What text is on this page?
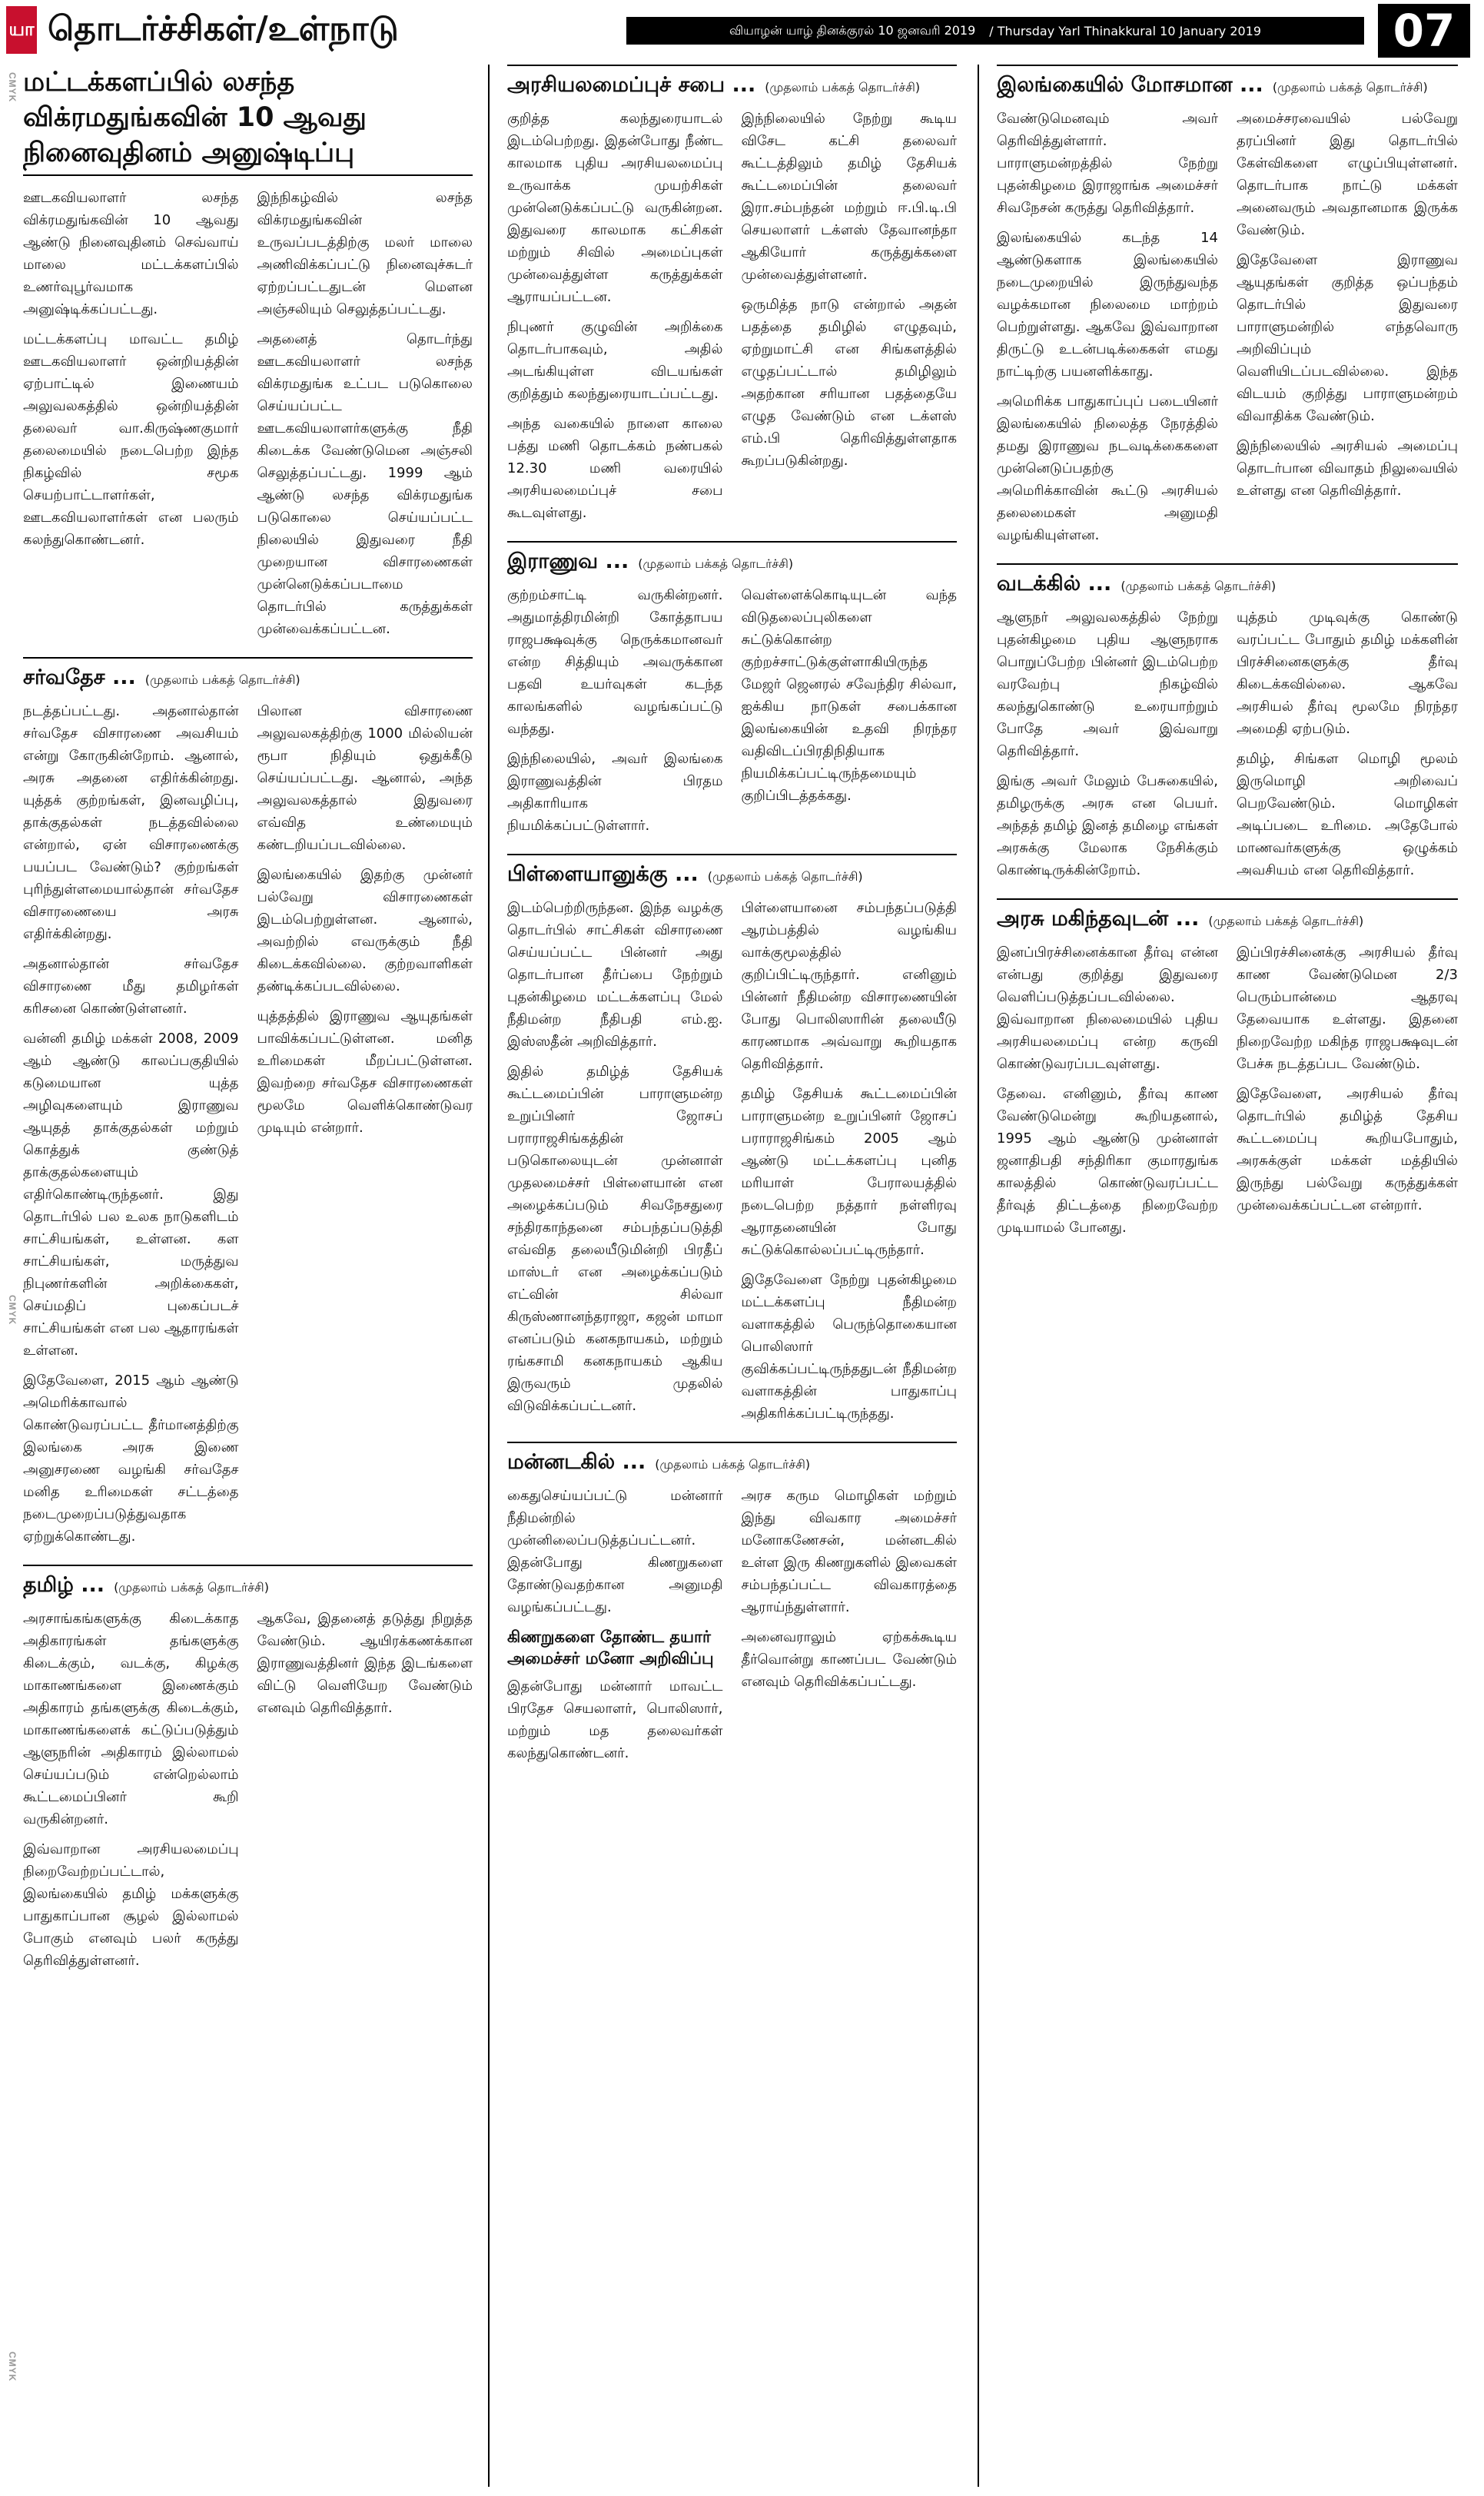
யா தொடர்ச்சிகள்/உள்நாடு	வியாழன் யாழ் தினக்குரல் 10 ஜனவரி 2019 / Thursday Yarl Thinakkural 10 January 2019	07
CMYK
CMYK
CMYK
மட்டக்களப்பில் லசந்த விக்ரமதுங்கவின் 10 ஆவது நினைவுதினம் அனுஷ்டிப்பு

ஊடகவியலாளர் லசந்த விக்ரமதுங்கவின் 10 ஆவது ஆண்டு நினைவுதினம் செவ்வாய் மாலை மட்டக்களப்பில் உணர்வுபூர்வமாக அனுஷ்டிக்கப்பட்டது.

மட்டக்களப்பு மாவட்ட தமிழ் ஊடகவியலாளர் ஒன்றியத்தின் ஏற்பாட்டில் இணையம் அலுவலகத்தில் ஒன்றியத்தின் தலைவர் வா.கிருஷ்ணகுமார் தலைமையில் நடைபெற்ற இந்த நிகழ்வில் சமூக செயற்பாட்டாளர்கள், ஊடகவியலாளர்கள் என பலரும் கலந்துகொண்டனர்.

இந்நிகழ்வில் லசந்த விக்ரமதுங்கவின் உருவப்படத்திற்கு மலர் மாலை அணிவிக்கப்பட்டு நினைவுச்சுடர் ஏற்றப்பட்டதுடன் மௌன அஞ்சலியும் செலுத்தப்பட்டது.

அதனைத் தொடர்ந்து ஊடகவியலாளர் லசந்த விக்ரமதுங்க உட்பட படுகொலை செய்யப்பட்ட ஊடகவியலாளர்களுக்கு நீதி கிடைக்க வேண்டுமென அஞ்சலி செலுத்தப்பட்டது. 1999 ஆம் ஆண்டு லசந்த விக்ரமதுங்க படுகொலை செய்யப்பட்ட நிலையில் இதுவரை நீதி முறையான விசாரணைகள் முன்னெடுக்கப்படாமை தொடர்பில் கருத்துக்கள் முன்வைக்கப்பட்டன.

சர்வதேச ... (முதலாம் பக்கத் தொடர்ச்சி)

நடத்தப்பட்டது. அதனால்தான் சர்வதேச விசாரணை அவசியம் என்று கோருகின்றோம். ஆனால், அரசு அதனை எதிர்க்கின்றது. யுத்தக் குற்றங்கள், இனவழிப்பு, தாக்குதல்கள் நடத்தவில்லை என்றால், ஏன் விசாரணைக்கு பயப்பட வேண்டும்? குற்றங்கள் புரிந்துள்ளமையால்தான் சர்வதேச விசாரணையை அரசு எதிர்க்கின்றது.

அதனால்தான் சர்வதேச விசாரணை மீது தமிழர்கள் கரிசனை கொண்டுள்ளனர்.

வன்னி தமிழ் மக்கள் 2008, 2009 ஆம் ஆண்டு காலப்பகுதியில் கடுமையான யுத்த அழிவுகளையும் இராணுவ ஆயுதத் தாக்குதல்கள் மற்றும் கொத்துக் குண்டுத் தாக்குதல்களையும் எதிர்கொண்டிருந்தனர். இது தொடர்பில் பல உலக நாடுகளிடம் சாட்சியங்கள், உள்ளன. கள சாட்சியங்கள், மருத்துவ நிபுணர்களின் அறிக்கைகள், செய்மதிப் புகைப்படச் சாட்சியங்கள் என பல ஆதாரங்கள் உள்ளன.

இதேவேளை, 2015 ஆம் ஆண்டு அமெரிக்காவால் கொண்டுவரப்பட்ட தீர்மானத்திற்கு இலங்கை அரசு இணை அனுசரணை வழங்கி சர்வதேச மனித உரிமைகள் சட்டத்தை நடைமுறைப்படுத்துவதாக ஏற்றுக்கொண்டது.

பிலான விசாரணை அலுவலகத்திற்கு 1000 மில்லியன் ரூபா நிதியும் ஒதுக்கீடு செய்யப்பட்டது. ஆனால், அந்த அலுவலகத்தால் இதுவரை எவ்வித உண்மையும் கண்டறியப்படவில்லை.

இலங்கையில் இதற்கு முன்னர் பல்வேறு விசாரணைகள் இடம்பெற்றுள்ளன. ஆனால், அவற்றில் எவருக்கும் நீதி கிடைக்கவில்லை. குற்றவாளிகள் தண்டிக்கப்படவில்லை.

யுத்தத்தில் இராணுவ ஆயுதங்கள் பாவிக்கப்பட்டுள்ளன. மனித உரிமைகள் மீறப்பட்டுள்ளன. இவற்றை சர்வதேச விசாரணைகள் மூலமே வெளிக்கொண்டுவர முடியும் என்றார்.

தமிழ் ... (முதலாம் பக்கத் தொடர்ச்சி)

அரசாங்கங்களுக்கு கிடைக்காத அதிகாரங்கள் தங்களுக்கு கிடைக்கும், வடக்கு, கிழக்கு மாகாணங்களை இணைக்கும் அதிகாரம் தங்களுக்கு கிடைக்கும், மாகாணங்களைக் கட்டுப்படுத்தும் ஆளுநரின் அதிகாரம் இல்லாமல் செய்யப்படும் என்றெல்லாம் கூட்டமைப்பினர் கூறி வருகின்றனர்.

இவ்வாறான அரசியலமைப்பு நிறைவேற்றப்பட்டால், இலங்கையில் தமிழ் மக்களுக்கு பாதுகாப்பான சூழல் இல்லாமல் போகும் எனவும் பலர் கருத்து தெரிவித்துள்ளனர்.

ஆகவே, இதனைத் தடுத்து நிறுத்த வேண்டும். ஆயிரக்கணக்கான இராணுவத்தினர் இந்த இடங்களை விட்டு வெளியேற வேண்டும் எனவும் தெரிவித்தார்.

அரசியலமைப்புச் சபை ... (முதலாம் பக்கத் தொடர்ச்சி)

குறித்த கலந்துரையாடல் இடம்பெற்றது. இதன்போது நீண்ட காலமாக புதிய அரசியலமைப்பு உருவாக்க முயற்சிகள் முன்னெடுக்கப்பட்டு வருகின்றன. இதுவரை காலமாக கட்சிகள் மற்றும் சிவில் அமைப்புகள் முன்வைத்துள்ள கருத்துக்கள் ஆராயப்பட்டன.

நிபுணர் குழுவின் அறிக்கை தொடர்பாகவும், அதில் அடங்கியுள்ள விடயங்கள் குறித்தும் கலந்துரையாடப்பட்டது.

அந்த வகையில் நாளை காலை பத்து மணி தொடக்கம் நண்பகல் 12.30 மணி வரையில் அரசியலமைப்புச் சபை கூடவுள்ளது.

இந்நிலையில் நேற்று கூடிய விசேட கட்சி தலைவர் கூட்டத்திலும் தமிழ் தேசியக் கூட்டமைப்பின் தலைவர் இரா.சம்பந்தன் மற்றும் ஈ.பி.டி.பி செயலாளர் டக்ளஸ் தேவானந்தா ஆகியோர் கருத்துக்களை முன்வைத்துள்ளனர்.

ஒருமித்த நாடு என்றால் அதன் பதத்தை தமிழில் எழுதவும், ஏற்றுமாட்சி என சிங்களத்தில் எழுதப்பட்டால் தமிழிலும் அதற்கான சரியான பதத்தையே எழுத வேண்டும் என டக்ளஸ் எம்.பி தெரிவித்துள்ளதாக கூறப்படுகின்றது.

இராணுவ ... (முதலாம் பக்கத் தொடர்ச்சி)

குற்றம்சாட்டி வருகின்றனர். அதுமாத்திரமின்றி கோத்தாபய ராஜபக்ஷவுக்கு நெருக்கமானவர் என்ற சித்தியும் அவருக்கான பதவி உயர்வுகள் கடந்த காலங்களில் வழங்கப்பட்டு வந்தது.

இந்நிலையில், அவர் இலங்கை இராணுவத்தின் பிரதம அதிகாரியாக நியமிக்கப்பட்டுள்ளார்.

வெள்ளைக்கொடியுடன் வந்த விடுதலைப்புலிகளை சுட்டுக்கொன்ற குற்றச்சாட்டுக்குள்ளாகியிருந்த மேஜர் ஜெனரல் சவேந்திர சில்வா, ஐக்கிய நாடுகள் சபைக்கான இலங்கையின் உதவி நிரந்தர வதிவிடப்பிரதிநிதியாக நியமிக்கப்பட்டிருந்தமையும் குறிப்பிடத்தக்கது.

பிள்ளையானுக்கு ... (முதலாம் பக்கத் தொடர்ச்சி)

இடம்பெற்றிருந்தன. இந்த வழக்கு தொடர்பில் சாட்சிகள் விசாரணை செய்யப்பட்ட பின்னர் அது தொடர்பான தீர்ப்பை நேற்றும் புதன்கிழமை மட்டக்களப்பு மேல் நீதிமன்ற நீதிபதி எம்.ஐ. இஸ்ஸதீன் அறிவித்தார்.

இதில் தமிழ்த் தேசியக் கூட்டமைப்பின் பாராளுமன்ற உறுப்பினர் ஜோசப் பராராஜசிங்கத்தின் படுகொலையுடன் முன்னாள் முதலமைச்சர் பிள்ளையான் என அழைக்கப்படும் சிவநேசதுரை சந்திரகாந்தனை சம்பந்தப்படுத்தி எவ்வித தலையீடுமின்றி பிரதீப் மாஸ்டர் என அழைக்கப்படும் எட்வின் சில்வா கிருஸ்ணானந்தராஜா, கஜன் மாமா எனப்படும் கனகநாயகம், மற்றும் ரங்கசாமி கனகநாயகம் ஆகிய இருவரும் முதலில் விடுவிக்கப்பட்டனர்.

பிள்ளையானை சம்பந்தப்படுத்தி ஆரம்பத்தில் வழங்கிய வாக்குமூலத்தில் குறிப்பிட்டிருந்தார். எனினும் பின்னர் நீதிமன்ற விசாரணையின் போது பொலிஸாரின் தலையீடு காரணமாக அவ்வாறு கூறியதாக தெரிவித்தார்.

தமிழ் தேசியக் கூட்டமைப்பின் பாராளுமன்ற உறுப்பினர் ஜோசப் பராராஜசிங்கம் 2005 ஆம் ஆண்டு மட்டக்களப்பு புனித மரியாள் பேராலயத்தில் நடைபெற்ற நத்தார் நள்ளிரவு ஆராதனையின் போது சுட்டுக்கொல்லப்பட்டிருந்தார்.

இதேவேளை நேற்று புதன்கிழமை மட்டக்களப்பு நீதிமன்ற வளாகத்தில் பெருந்தொகையான பொலிஸார் குவிக்கப்பட்டிருந்ததுடன் நீதிமன்ற வளாகத்தின் பாதுகாப்பு அதிகரிக்கப்பட்டிருந்தது.

மன்னடகில் ... (முதலாம் பக்கத் தொடர்ச்சி)

கைதுசெய்யப்பட்டு மன்னார் நீதிமன்றில் முன்னிலைப்படுத்தப்பட்டனர். இதன்போது கிணறுகளை தோண்டுவதற்கான அனுமதி வழங்கப்பட்டது.

கிணறுகளை தோண்ட தயார் அமைச்சர் மனோ அறிவிப்பு

இதன்போது மன்னார் மாவட்ட பிரதேச செயலாளர், பொலிஸார், மற்றும் மத தலைவர்கள் கலந்துகொண்டனர்.

அரச கரும மொழிகள் மற்றும் இந்து விவகார அமைச்சர் மனோகணேசன், மன்னடகில் உள்ள இரு கிணறுகளில் இவைகள் சம்பந்தப்பட்ட விவகாரத்தை ஆராய்ந்துள்ளார்.

அனைவராலும் ஏற்கக்கூடிய தீர்வொன்று காணப்பட வேண்டும் எனவும் தெரிவிக்கப்பட்டது.

இலங்கையில் மோசமான ... (முதலாம் பக்கத் தொடர்ச்சி)

வேண்டுமெனவும் அவர் தெரிவித்துள்ளார். பாராளுமன்றத்தில் நேற்று புதன்கிழமை இராஜாங்க அமைச்சர் சிவநேசன் கருத்து தெரிவித்தார்.

இலங்கையில் கடந்த 14 ஆண்டுகளாக இலங்கையில் நடைமுறையில் இருந்துவந்த வழக்கமான நிலைமை மாற்றம் பெற்றுள்ளது. ஆகவே இவ்வாறான திருட்டு உடன்படிக்கைகள் எமது நாட்டிற்கு பயனளிக்காது.

அமெரிக்க பாதுகாப்புப் படையினர் இலங்கையில் நிலைத்த நேரத்தில் தமது இராணுவ நடவடிக்கைகளை முன்னெடுப்பதற்கு அமெரிக்காவின் கூட்டு அரசியல் தலைமைகள் அனுமதி வழங்கியுள்ளன.

அமைச்சரவையில் பல்வேறு தரப்பினர் இது தொடர்பில் கேள்விகளை எழுப்பியுள்ளனர். தொடர்பாக நாட்டு மக்கள் அனைவரும் அவதானமாக இருக்க வேண்டும்.

இதேவேளை இராணுவ ஆயுதங்கள் குறித்த ஒப்பந்தம் தொடர்பில் இதுவரை பாராளுமன்றில் எந்தவொரு அறிவிப்பும் வெளியிடப்படவில்லை. இந்த விடயம் குறித்து பாராளுமன்றம் விவாதிக்க வேண்டும்.

இந்நிலையில் அரசியல் அமைப்பு தொடர்பான விவாதம் நிலுவையில் உள்ளது என தெரிவித்தார்.

வடக்கில் ... (முதலாம் பக்கத் தொடர்ச்சி)

ஆளுநர் அலுவலகத்தில் நேற்று புதன்கிழமை புதிய ஆளுநராக பொறுப்பேற்ற பின்னர் இடம்பெற்ற வரவேற்பு நிகழ்வில் கலந்துகொண்டு உரையாற்றும் போதே அவர் இவ்வாறு தெரிவித்தார்.

இங்கு அவர் மேலும் பேசுகையில், தமிழருக்கு அரசு என பெயர். அந்தத் தமிழ் இனத் தமிழை எங்கள் அரசுக்கு மேலாக நேசிக்கும் கொண்டிருக்கின்றோம்.

யுத்தம் முடிவுக்கு கொண்டு வரப்பட்ட போதும் தமிழ் மக்களின் பிரச்சினைகளுக்கு தீர்வு கிடைக்கவில்லை. ஆகவே அரசியல் தீர்வு மூலமே நிரந்தர அமைதி ஏற்படும்.

தமிழ், சிங்கள மொழி மூலம் இருமொழி அறிவைப் பெறவேண்டும். மொழிகள் அடிப்படை உரிமை. அதேபோல் மாணவர்களுக்கு ஒழுக்கம் அவசியம் என தெரிவித்தார்.

அரசு மகிந்தவுடன் ... (முதலாம் பக்கத் தொடர்ச்சி)

இனப்பிரச்சினைக்கான தீர்வு என்ன என்பது குறித்து இதுவரை வெளிப்படுத்தப்படவில்லை. இவ்வாறான நிலைமையில் புதிய அரசியலமைப்பு என்ற கருவி கொண்டுவரப்படவுள்ளது.

தேவை. எனினும், தீர்வு காண வேண்டுமென்று கூறியதனால், 1995 ஆம் ஆண்டு முன்னாள் ஜனாதிபதி சந்திரிகா குமாரதுங்க காலத்தில் கொண்டுவரப்பட்ட தீர்வுத் திட்டத்தை நிறைவேற்ற முடியாமல் போனது.

இப்பிரச்சினைக்கு அரசியல் தீர்வு காண வேண்டுமென 2/3 பெரும்பான்மை ஆதரவு தேவையாக உள்ளது. இதனை நிறைவேற்ற மகிந்த ராஜபக்ஷவுடன் பேச்சு நடத்தப்பட வேண்டும்.

இதேவேளை, அரசியல் தீர்வு தொடர்பில் தமிழ்த் தேசிய கூட்டமைப்பு கூறியபோதும், அரசுக்குள் மக்கள் மத்தியில் இருந்து பல்வேறு கருத்துக்கள் முன்வைக்கப்பட்டன என்றார்.
